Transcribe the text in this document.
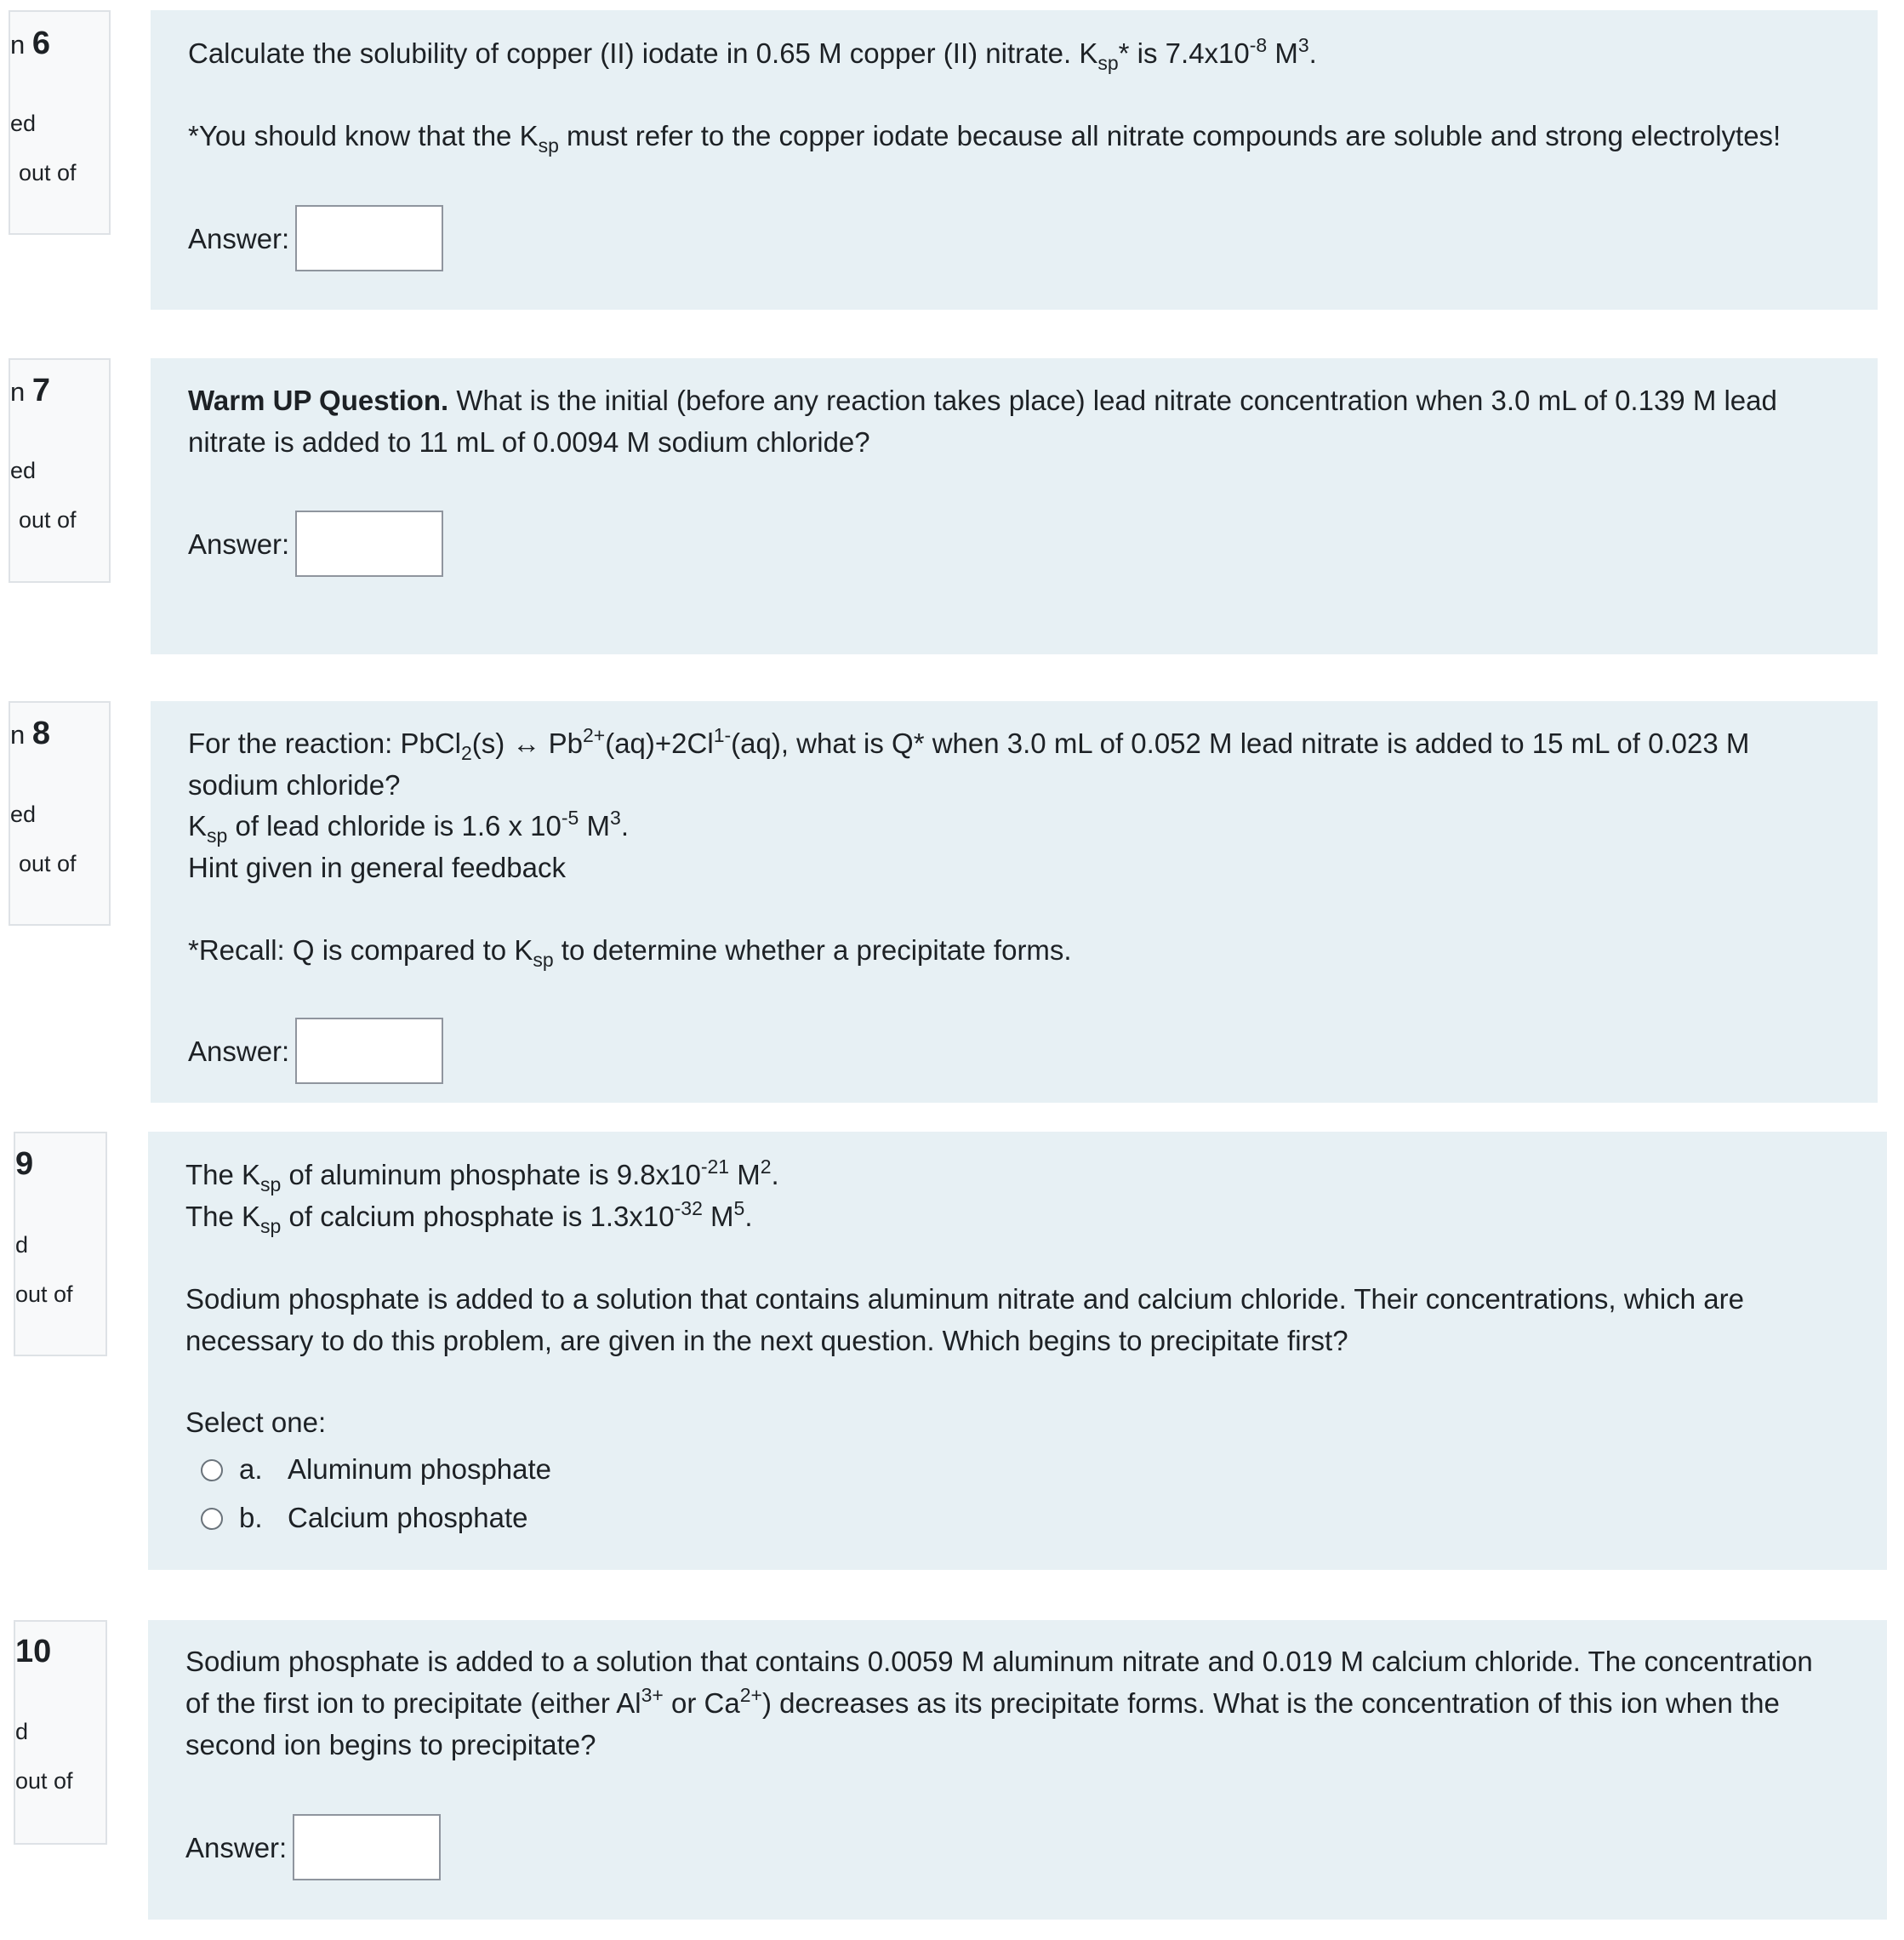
n 6
ed
out of
Calculate the solubility of copper (II) iodate in 0.65 M copper (II) nitrate. $K_{sp}*$ is $7.4x10^{-8}$ $M^3$.
*You should know that the $K_{sp}$ must refer to the copper iodate because all nitrate compounds are soluble and strong electrolytes!
Answer:
n 7
ed
out of
Warm UP Question. What is the initial (before any reaction takes place) lead nitrate concentration when 3.0 mL of 0.139 M lead
nitrate is added to 11 mL of 0.0094 M sodium chloride?
Answer:
n 8
ed
out of
For the reaction: PbCl$_2$(s) ↔ $Pb^{2+}(aq)+2Cl^{1-}(aq)$, what is Q* when 3.0 mL of 0.052 M lead nitrate is added to 15 mL of 0.023 M
sodium chloride?
$K_{sp}$ of lead chloride is 1.6 x $10^{-5}$ $M^3$.
Hint given in general feedback
*Recall: Q is compared to $K_{sp}$ to determine whether a precipitate forms.
Answer:
9
d
out of
The $K_{sp}$ of aluminum phosphate is $9.8x10^{-21}$ $M^2$.
The $K_{sp}$ of calcium phosphate is $1.3x10^{-32}$ $M^5$.
Sodium phosphate is added to a solution that contains aluminum nitrate and calcium chloride. Their concentrations, which are
necessary to do this problem, are given in the next question. Which begins to precipitate first?
Select one:
a. Aluminum phosphate
b. Calcium phosphate
10
d
out of
Sodium phosphate is added to a solution that contains 0.0059 M aluminum nitrate and 0.019 M calcium chloride. The concentration
of the first ion to precipitate (either $Al^{3+}$ or $Ca^{2+}$) decreases as its precipitate forms. What is the concentration of this ion when the
second ion begins to precipitate?
Answer:
